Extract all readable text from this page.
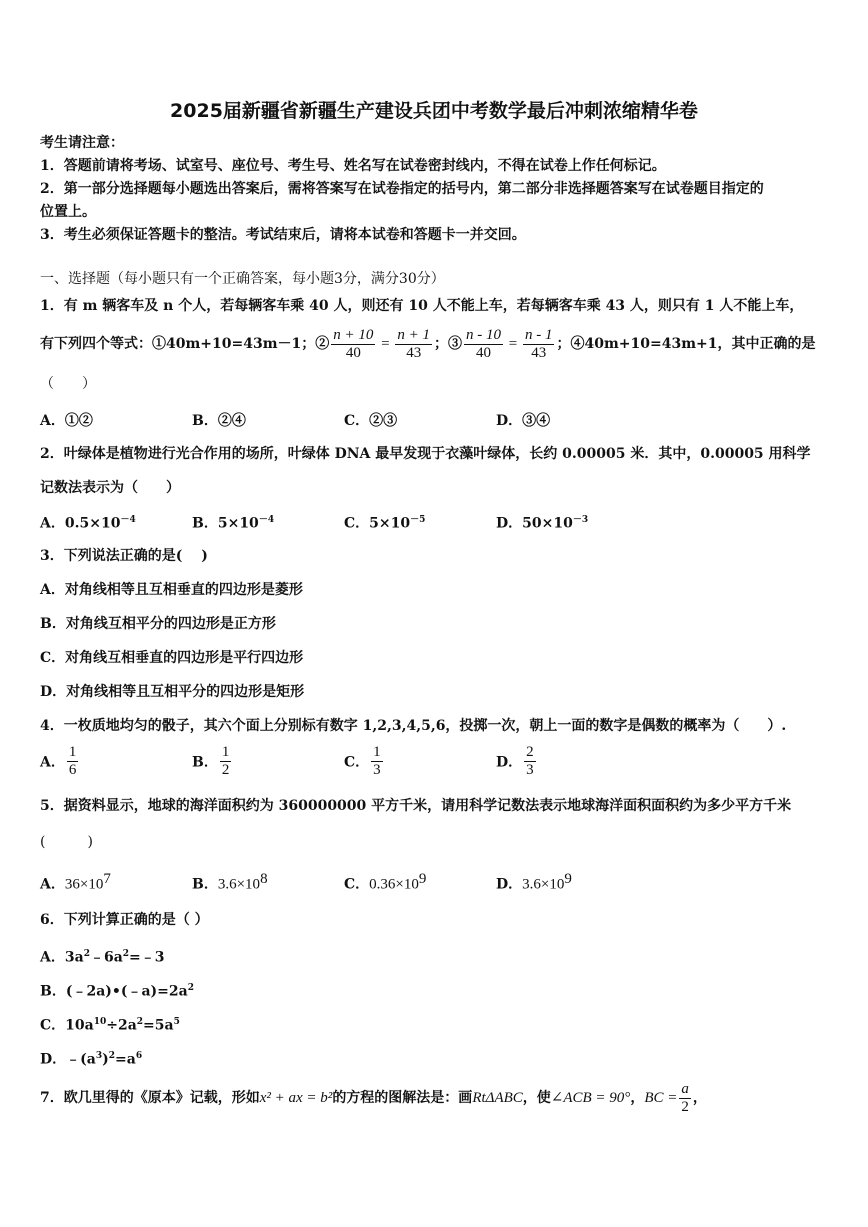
2025届新疆省新疆生产建设兵团中考数学最后冲刺浓缩精华卷
考生请注意：
1．答题前请将考场、试室号、座位号、考生号、姓名写在试卷密封线内，不得在试卷上作任何标记。
2．第一部分选择题每小题选出答案后，需将答案写在试卷指定的括号内，第二部分非选择题答案写在试卷题目指定的
位置上。
3．考生必须保证答题卡的整洁。考试结束后，请将本试卷和答题卡一并交回。
一、选择题（每小题只有一个正确答案，每小题3分，满分30分）
1．有 m 辆客车及 n 个人，若每辆客车乘 40 人，则还有 10 人不能上车，若每辆客车乘 43 人，则只有 1 人不能上车，
有下列四个等式：①40m+10=43m－1；② $\frac{n + 10}{40} = \frac{n + 1}{43}$ ；③ $\frac{n - 10}{40} = \frac{n - 1}{43}$ ；④40m+10=43m+1，其中正确的是
（　　）
A．①②	B．②④	C．②③	D．③④
2．叶绿体是植物进行光合作用的场所，叶绿体 DNA 最早发现于衣藻叶绿体，长约 0.00005 米．其中，0.00005 用科学
记数法表示为（　　）
A．$0.5\times 10^{-4}$	B．$5\times 10^{-4}$	C．$5\times 10^{-5}$	D．$50\times 10^{-3}$
3．下列说法正确的是(　 )
A．对角线相等且互相垂直的四边形是菱形
B．对角线互相平分的四边形是正方形
C．对角线互相垂直的四边形是平行四边形
D．对角线相等且互相平分的四边形是矩形
4．一枚质地均匀的骰子，其六个面上分别标有数字 1,2,3,4,5,6，投掷一次，朝上一面的数字是偶数的概率为（　　）.
A． $\frac{1}{6}$	B． $\frac{1}{2}$	C． $\frac{1}{3}$	D． $\frac{2}{3}$
5．据资料显示，地球的海洋面积约为 360000000 平方千米，请用科学记数法表示地球海洋面积面积约为多少平方千米
(　　　)
A．$36\times 10^7$	B．$3.6\times 10^8$	C．$0.36\times 10^9$	D．$3.6\times 10^9$
6．下列计算正确的是（ ）
A．$3a^2﹣6a^2=﹣3$
B．$(﹣2a)•(﹣a)=2a^2$
C．$10a^{10}\div 2a^2=5a^5$
D．$﹣(a^3)^2=a^6$
7．欧几里得的《原本》记载，形如x² + ax = b²的方程的图解法是：画RtΔABC，使∠ACB = 90°，BC = $\frac{a}{2}$ ，
